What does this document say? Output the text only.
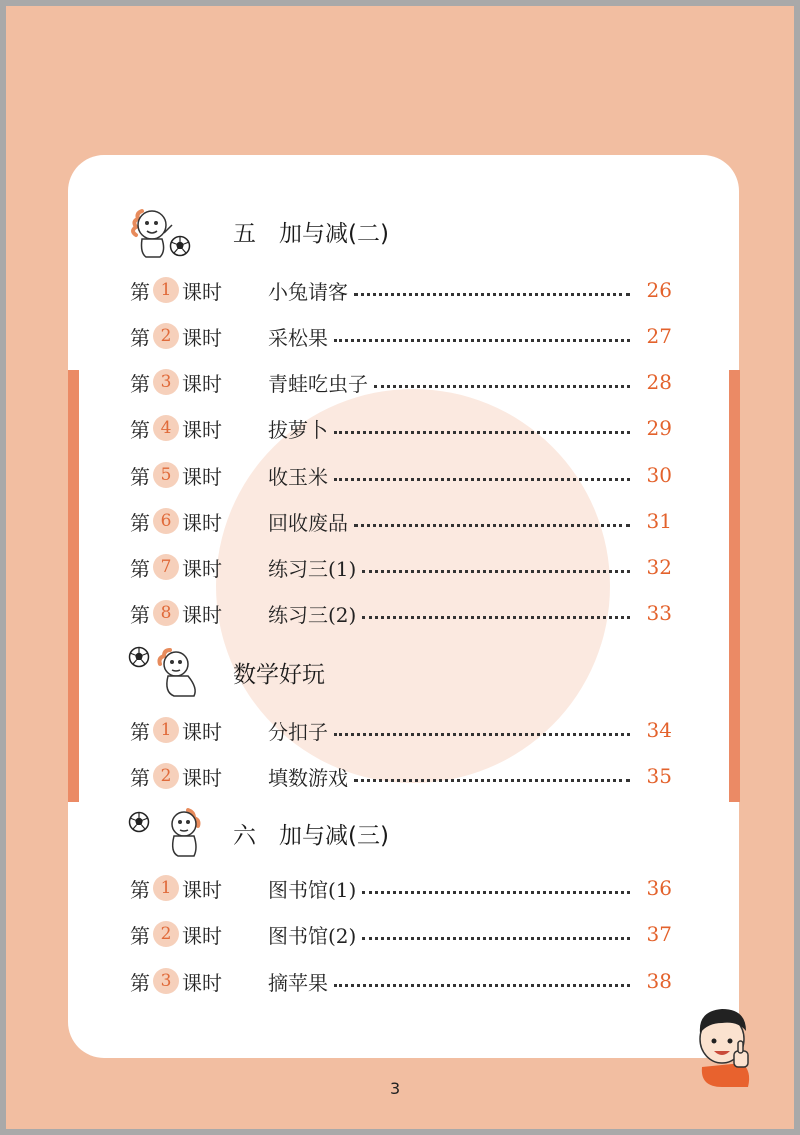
五　加与减(二)
第 1 课时	小兔请客	26
第 2 课时	采松果	27
第 3 课时	青蛙吃虫子	28
第 4 课时	拔萝卜	29
第 5 课时	收玉米	30
第 6 课时	回收废品	31
第 7 课时	练习三(1)	32
第 8 课时	练习三(2)	33
数学好玩
第 1 课时	分扣子	34
第 2 课时	填数游戏	35
六　加与减(三)
第 1 课时	图书馆(1)	36
第 2 课时	图书馆(2)	37
第 3 课时	摘苹果	38
3
